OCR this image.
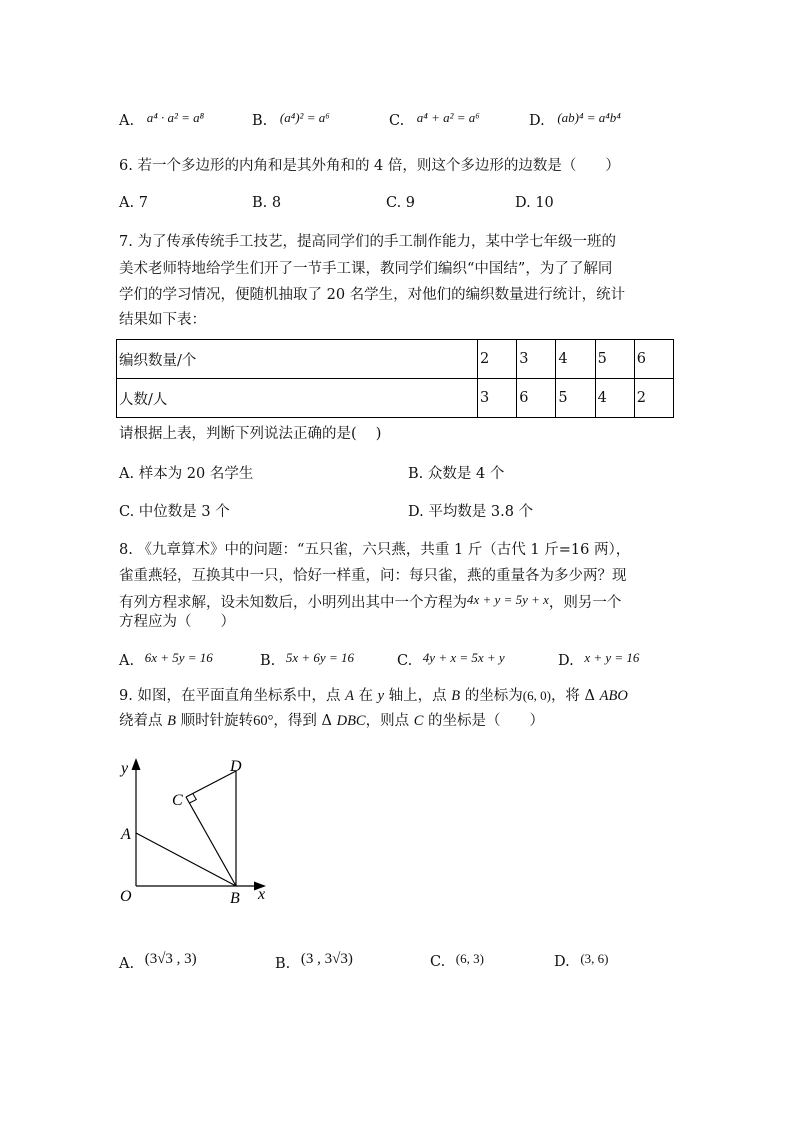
A. a⁴ · a² = a⁸	B. (a⁴)² = a⁶	C. a⁴ + a² = a⁶	D. (ab)⁴ = a⁴b⁴
6. 若一个多边形的内角和是其外角和的 4 倍，则这个多边形的边数是（　　）
A. 7	B. 8	C. 9	D. 10
7. 为了传承传统手工技艺，提高同学们的手工制作能力，某中学七年级一班的
美术老师特地给学生们开了一节手工课，教同学们编织“中国结”，为了了解同
学们的学习情况，便随机抽取了 20 名学生，对他们的编织数量进行统计，统计
结果如下表：
编织数量/个	2	3	4	5	6
人数/人	3	6	5	4	2
请根据上表，判断下列说法正确的是(　 )
A. 样本为 20 名学生	B. 众数是 4 个
C. 中位数是 3 个	D. 平均数是 3.8 个
8. 《九章算术》中的问题：“五只雀，六只燕，共重 1 斤（古代 1 斤=16 两），
雀重燕轻，互换其中一只，恰好一样重，问：每只雀，燕的重量各为多少两？现
有列方程求解，设未知数后，小明列出其中一个方程为4x + y = 5y + x，则另一个
方程应为（　　）
A. 6x + 5y = 16	B. 5x + 6y = 16	C. 4y + x = 5x + y	D. x + y = 16
9. 如图，在平面直角坐标系中，点 A 在 y 轴上，点 B 的坐标为(6, 0)，将 Δ ABO
绕着点 B 顺时针旋转60°，得到 Δ DBC，则点 C 的坐标是（　　）
y	D
C
A
O	B x
A. (3√3 , 3)	B. (3 , 3√3)	C. (6, 3)	D. (3, 6)
